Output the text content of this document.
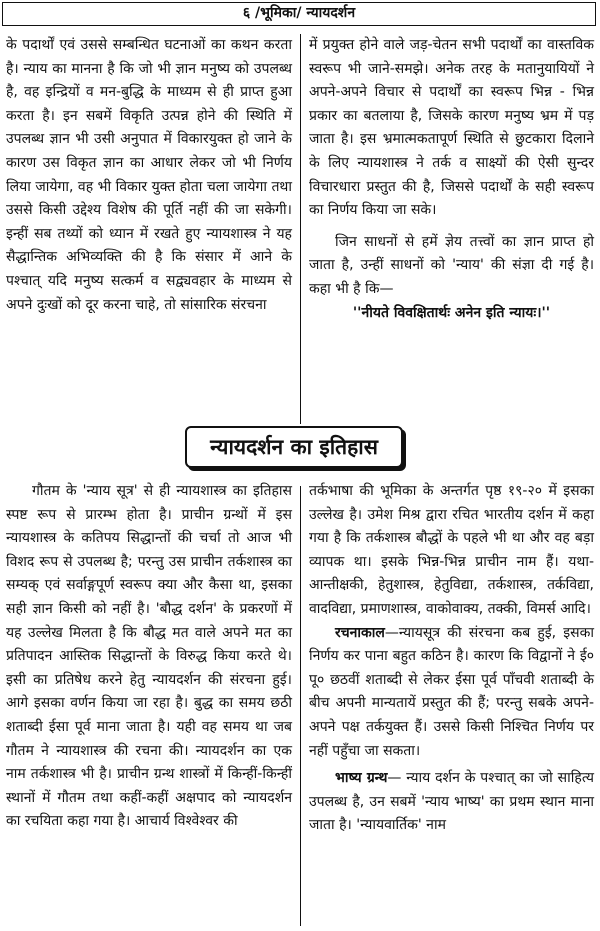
६ /भूमिका/ न्यायदर्शन

के पदार्थों एवं उससे सम्बन्धित घटनाओं का कथन करता है। न्याय का मानना है कि जो भी ज्ञान मनुष्य को उपलब्ध है, वह इन्द्रियों व मन-बुद्धि के माध्यम से ही प्राप्त हुआ करता है। इन सबमें विकृति उत्पन्न होने की स्थिति में उपलब्ध ज्ञान भी उसी अनुपात में विकारयुक्त हो जाने के कारण उस विकृत ज्ञान का आधार लेकर जो भी निर्णय लिया जायेगा, वह भी विकार युक्त होता चला जायेगा तथा उससे किसी उद्देश्य विशेष की पूर्ति नहीं की जा सकेगी। इन्हीं सब तथ्यों को ध्यान में रखते हुए न्यायशास्त्र ने यह सैद्धान्तिक अभिव्यक्ति की है कि संसार में आने के पश्चात् यदि मनुष्य सत्कर्म व सद्व्यवहार के माध्यम से अपने दुःखों को दूर करना चाहे, तो सांसारिक संरचना

में प्रयुक्त होने वाले जड़-चेतन सभी पदार्थों का वास्तविक स्वरूप भी जाने-समझे। अनेक तरह के मतानुयायियों ने अपने-अपने विचार से पदार्थों का स्वरूप भिन्न - भिन्न प्रकार का बतलाया है, जिसके कारण मनुष्य भ्रम में पड़ जाता है। इस भ्रमात्मकतापूर्ण स्थिति से छुटकारा दिलाने के लिए न्यायशास्त्र ने तर्क व साक्ष्यों की ऐसी सुन्दर विचारधारा प्रस्तुत की है, जिससे पदार्थों के सही स्वरूप का निर्णय किया जा सके।

जिन साधनों से हमें ज्ञेय तत्त्वों का ज्ञान प्राप्त हो जाता है, उन्हीं साधनों को 'न्याय' की संज्ञा दी गई है। कहा भी है कि—

''नीयते विवक्षितार्थः अनेन इति न्यायः।''

न्यायदर्शन का इतिहास

गौतम के 'न्याय सूत्र' से ही न्यायशास्त्र का इतिहास स्पष्ट रूप से प्रारम्भ होता है। प्राचीन ग्रन्थों में इस न्यायशास्त्र के कतिपय सिद्धान्तों की चर्चा तो आज भी विशद रूप से उपलब्ध है; परन्तु उस प्राचीन तर्कशास्त्र का सम्यक् एवं सर्वाङ्गपूर्ण स्वरूप क्या और कैसा था, इसका सही ज्ञान किसी को नहीं है। 'बौद्ध दर्शन' के प्रकरणों में यह उल्लेख मिलता है कि बौद्ध मत वाले अपने मत का प्रतिपादन आस्तिक सिद्धान्तों के विरुद्ध किया करते थे। इसी का प्रतिषेध करने हेतु न्यायदर्शन की संरचना हुई। आगे इसका वर्णन किया जा रहा है। बुद्ध का समय छठी शताब्दी ईसा पूर्व माना जाता है। यही वह समय था जब गौतम ने न्यायशास्त्र की रचना की। न्यायदर्शन का एक नाम तर्कशास्त्र भी है। प्राचीन ग्रन्थ शास्त्रों में किन्हीं-किन्हीं स्थानों में गौतम तथा कहीं-कहीं अक्षपाद को न्यायदर्शन का रचयिता कहा गया है। आचार्य विश्वेश्वर की

तर्कभाषा की भूमिका के अन्तर्गत पृष्ठ १९-२० में इसका उल्लेख है। उमेश मिश्र द्वारा रचित भारतीय दर्शन में कहा गया है कि तर्कशास्त्र बौद्धों के पहले भी था और वह बड़ा व्यापक था। इसके भिन्न-भिन्न प्राचीन नाम हैं। यथा- आन्तीक्षकी, हेतुशास्त्र, हेतुविद्या, तर्कशास्त्र, तर्कविद्या, वादविद्या, प्रमाणशास्त्र, वाकोवाक्य, तक्की, विमर्स आदि।

रचनाकाल—न्यायसूत्र की संरचना कब हुई, इसका निर्णय कर पाना बहुत कठिन है। कारण कि विद्वानों ने ई० पू० छठवीं शताब्दी से लेकर ईसा पूर्व पाँचवी शताब्दी के बीच अपनी मान्यतायें प्रस्तुत की हैं; परन्तु सबके अपने-अपने पक्ष तर्कयुक्त हैं। उससे किसी निश्चित निर्णय पर नहीं पहुँचा जा सकता।

भाष्य ग्रन्थ— न्याय दर्शन के पश्चात् का जो साहित्य उपलब्ध है, उन सबमें 'न्याय भाष्य' का प्रथम स्थान माना जाता है। 'न्यायवार्तिक' नाम
